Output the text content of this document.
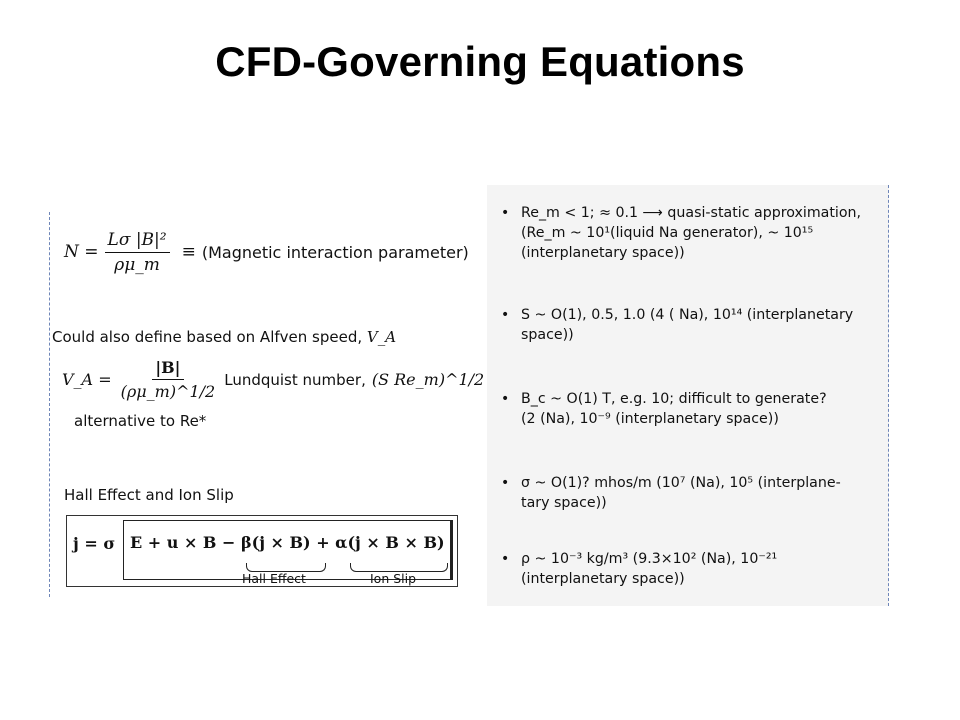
CFD-Governing Equations
$N = \frac{\text{Lσ |B|²}}{\rho\mu\_m}$ ≡ (Magnetic interaction parameter)
Could also define based on Alfven speed, V_A
V_A = $\frac{|B|}{(\rho\mu\_m)\^{}1/2}$ Lundquist number, (S Re_m)^1/2
alternative to Re*
Hall Effect and Ion Slip
j = σ E + u × B − β(j × B) + α(j × B × B)
Hall Effect	Ion Slip
• Re_m < 1; ≈ 0.1 ⟶ quasi-static approximation,
(Re_m ~ 10¹(liquid Na generator), ~ 10¹⁵
(interplanetary space))
• S ~ O(1), 0.5, 1.0 (4 ( Na), 10¹⁴ (interplanetary
space))
• B_c ~ O(1) T, e.g. 10; difficult to generate?
(2 (Na), 10⁻⁹ (interplanetary space))
• σ ~ O(1)? mhos/m (10⁷ (Na), 10⁵ (interplane-
tary space))
• ρ ~ 10⁻³ kg/m³ (9.3×10² (Na), 10⁻²¹
(interplanetary space))
